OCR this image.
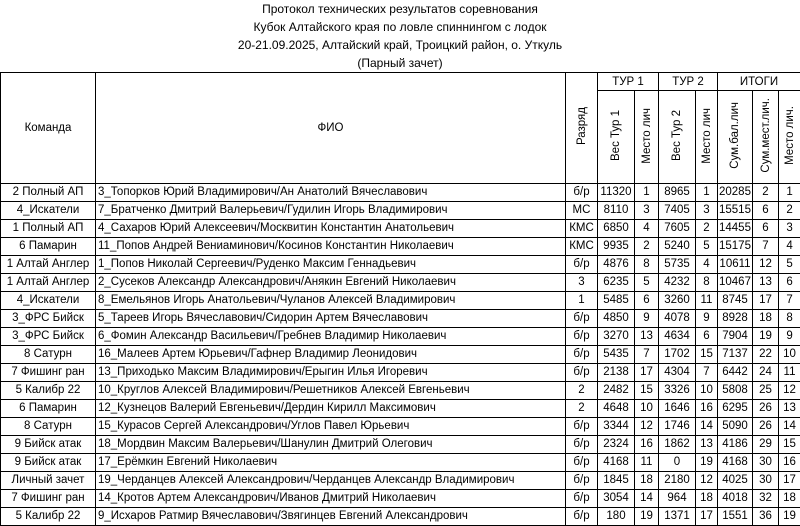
Протокол технических результатов соревнования
Кубок Алтайского края по ловле спиннингом с лодок
20-21.09.2025, Алтайский край, Троицкий район, о. Уткуль
(Парный зачет)
Команда	ФИО	Разряд	ТУР 1		ТУР 2		ИТОГИ		
			Вес Тур 1	Место лич	Вес Тур 2	Место лич	Сум.бал.лич	Сум.мест.лич.	Место лич.
2 Полный АП	3_Топорков Юрий Владимирович/Ан Анатолий Вячеславович	б/р	11320	1	8965	1	20285	2	1
4_Искатели	7_Братченко Дмитрий Валерьевич/Гудилин Игорь Владимирович	МС	8110	3	7405	3	15515	6	2
1 Полный АП	4_Сахаров Юрий Алексеевич/Москвитин Константин Анатольевич	КМС	6850	4	7605	2	14455	6	3
6 Памарин	11_Попов Андрей Вениаминович/Косинов Константин Николаевич	КМС	9935	2	5240	5	15175	7	4
1 Алтай Англер	1_Попов Николай Сергеевич/Руденко Максим Геннадьевич	б/р	4876	8	5735	4	10611	12	5
1 Алтай Англер	2_Сусеков Александр Александрович/Анякин Евгений Николаевич	3	6235	5	4232	8	10467	13	6
4_Искатели	8_Емельянов Игорь Анатольевич/Чуланов Алексей Владимирович	1	5485	6	3260	11	8745	17	7
3_ФРС Бийск	5_Тареев Игорь Вячеславович/Сидорин Артем Вячеславович	б/р	4850	9	4078	9	8928	18	8
3_ФРС Бийск	6_Фомин Александр Васильевич/Гребнев Владимир Николаевич	б/р	3270	13	4634	6	7904	19	9
8 Сатурн	16_Малеев Артем Юрьевич/Гафнер Владимир Леонидович	б/р	5435	7	1702	15	7137	22	10
7 Фишинг ран	13_Приходько Максим Владимирович/Ерыгин Илья Игоревич	б/р	2138	17	4304	7	6442	24	11
5 Калибр 22	10_Круглов Алексей Владимирович/Решетников Алексей Евгеньевич	2	2482	15	3326	10	5808	25	12
6 Памарин	12_Кузнецов Валерий Евгеньевич/Дердин Кирилл Максимович	2	4648	10	1646	16	6295	26	13
8 Сатурн	15_Курасов Сергей Александрович/Углов Павел Юрьевич	б/р	3344	12	1746	14	5090	26	14
9 Бийск атак	18_Мордвин Максим Валерьевич/Шанулин Дмитрий Олегович	б/р	2324	16	1862	13	4186	29	15
9 Бийск атак	17_Ерёмкин Евгений Николаевич	б/р	4168	11	0	19	4168	30	16
Личный зачет	19_Черданцев Алексей Александрович/Черданцев Александр Владимирович	б/р	1845	18	2180	12	4025	30	17
7 Фишинг ран	14_Кротов Артем Александрович/Иванов Дмитрий Николаевич	б/р	3054	14	964	18	4018	32	18
5 Калибр 22	9_Исхаров Ратмир Вячеславович/Звягинцев Евгений Александрович	б/р	180	19	1371	17	1551	36	19
